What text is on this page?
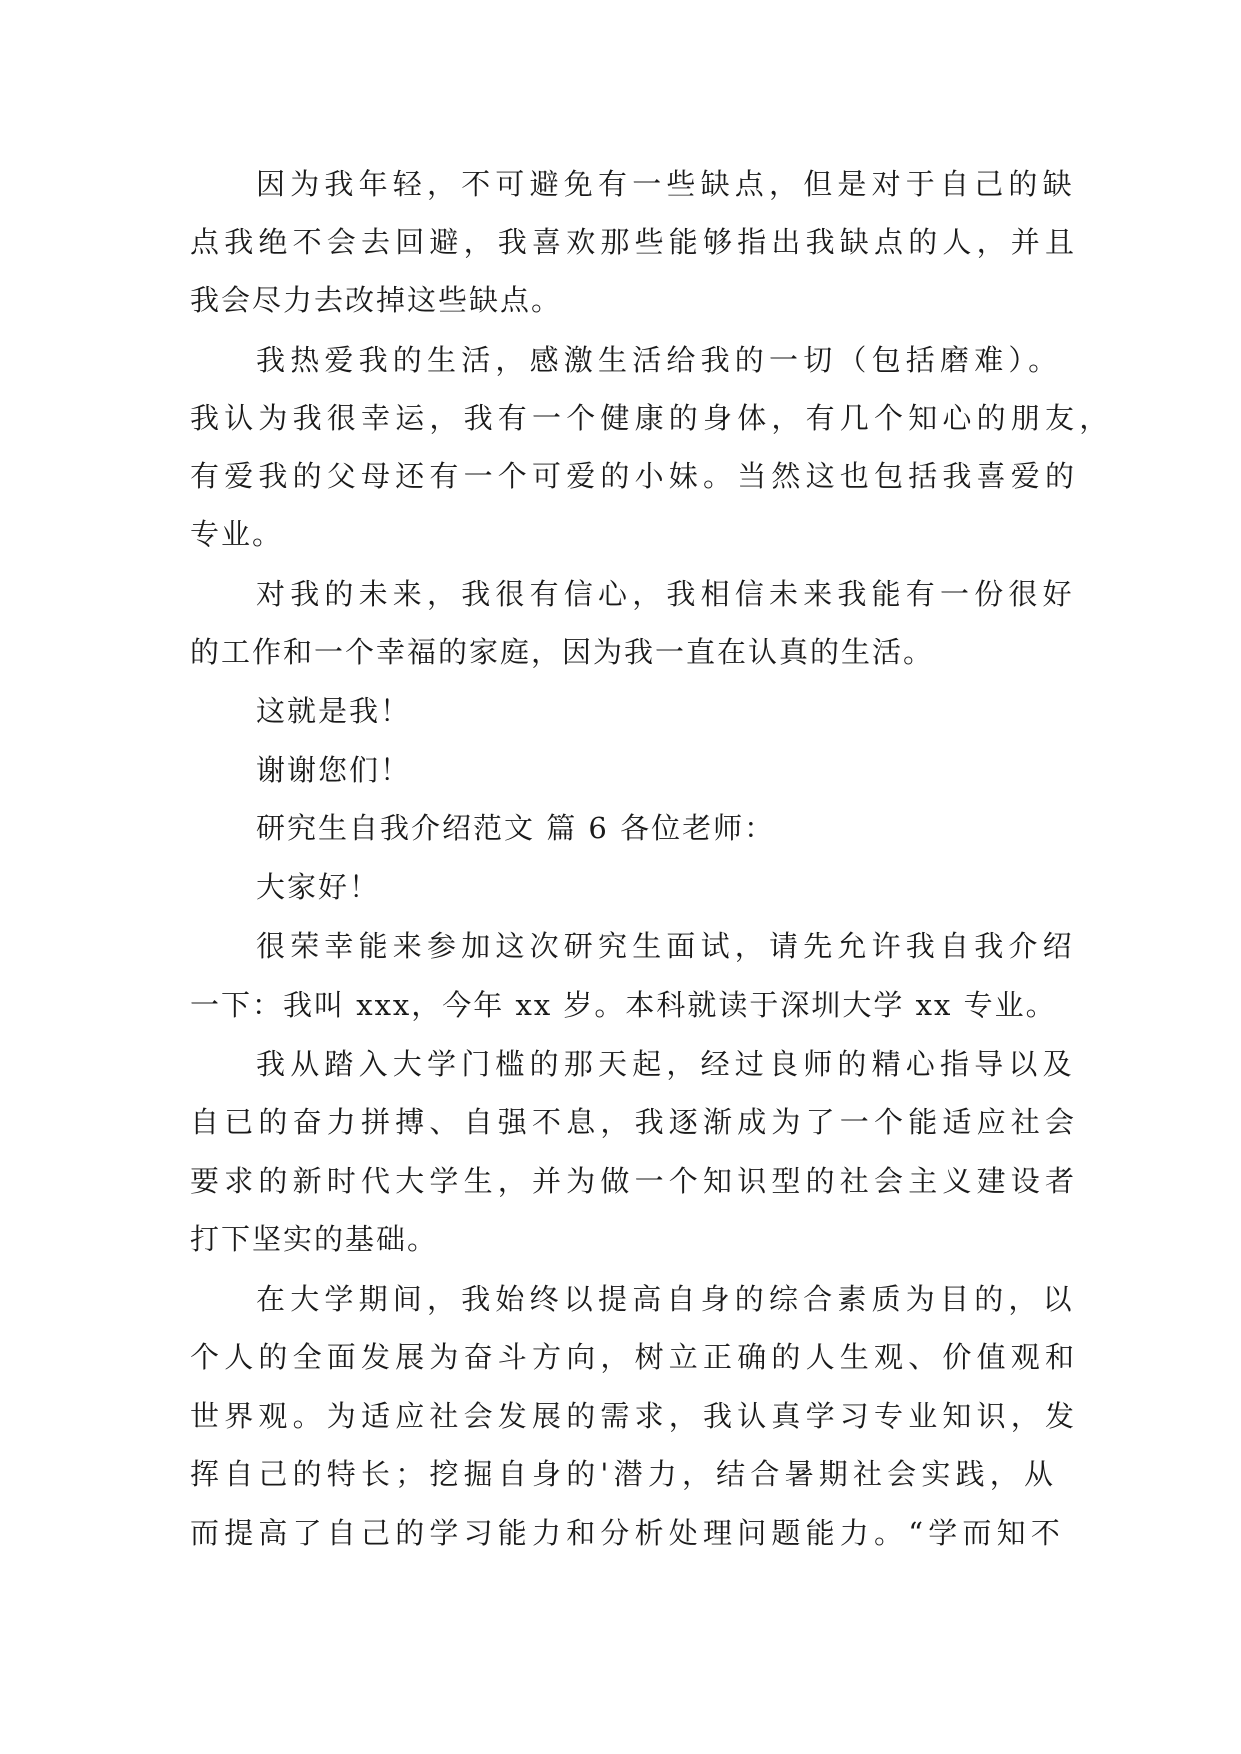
因为我年轻，不可避免有一些缺点，但是对于自己的缺
点我绝不会去回避，我喜欢那些能够指出我缺点的人，并且
我会尽力去改掉这些缺点。
我热爱我的生活，感激生活给我的一切（包括磨难）。
我认为我很幸运，我有一个健康的身体，有几个知心的朋友，
有爱我的父母还有一个可爱的小妹。当然这也包括我喜爱的
专业。
对我的未来，我很有信心，我相信未来我能有一份很好
的工作和一个幸福的家庭，因为我一直在认真的生活。
这就是我！
谢谢您们！
研究生自我介绍范文 篇 6 各位老师：
大家好！
很荣幸能来参加这次研究生面试，请先允许我自我介绍
一下：我叫 xxx，今年 xx 岁。本科就读于深圳大学 xx 专业。
我从踏入大学门槛的那天起，经过良师的精心指导以及
自已的奋力拼搏、自强不息，我逐渐成为了一个能适应社会
要求的新时代大学生，并为做一个知识型的社会主义建设者
打下坚实的基础。
在大学期间，我始终以提高自身的综合素质为目的，以
个人的全面发展为奋斗方向，树立正确的人生观、价值观和
世界观。为适应社会发展的需求，我认真学习专业知识，发
挥自己的特长；挖掘自身的'潜力，结合暑期社会实践，从
而提高了自己的学习能力和分析处理问题能力。“学而知不
